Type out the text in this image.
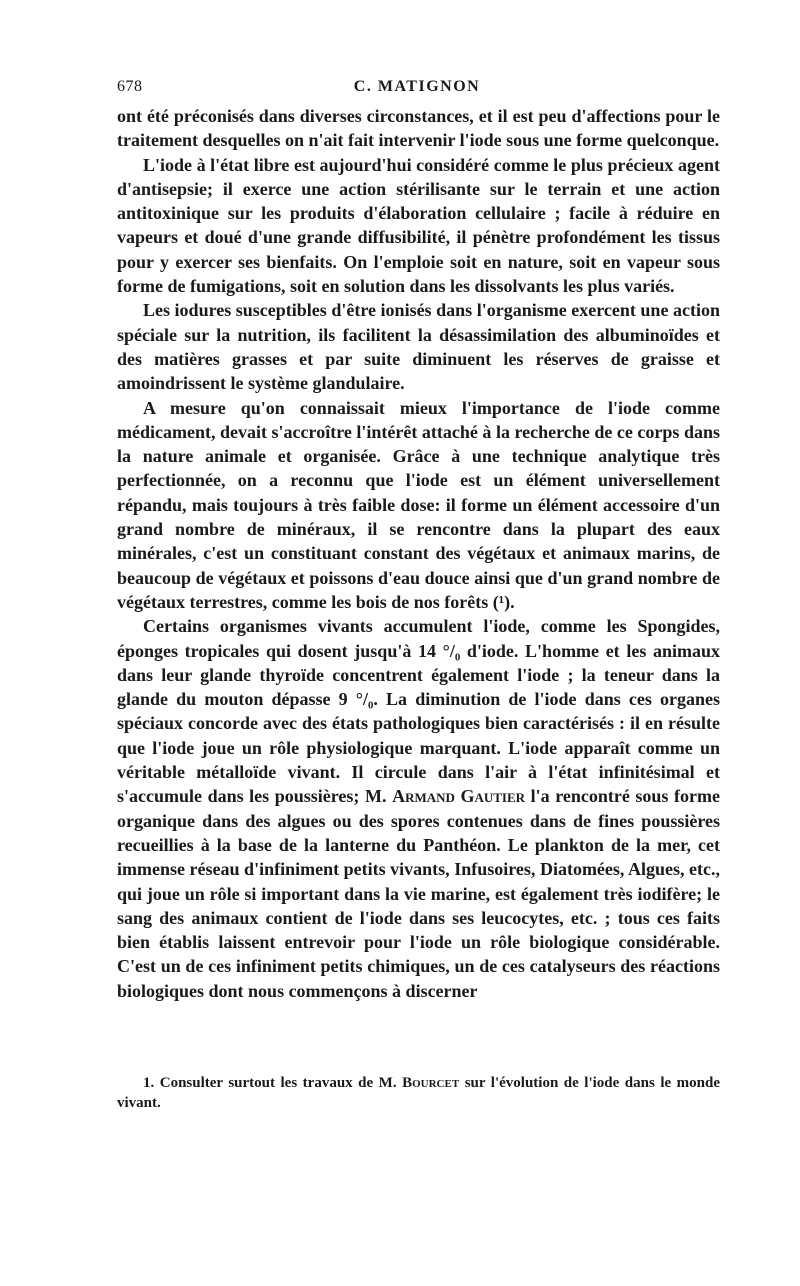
678	C. MATIGNON

ont été préconisés dans diverses circonstances, et il est peu d'affections pour le traitement desquelles on n'ait fait intervenir l'iode sous une forme quelconque.

L'iode à l'état libre est aujourd'hui considéré comme le plus précieux agent d'antisepsie; il exerce une action stérilisante sur le terrain et une action antitoxinique sur les produits d'élaboration cellulaire ; facile à réduire en vapeurs et doué d'une grande diffusibilité, il pénètre profondément les tissus pour y exercer ses bienfaits. On l'emploie soit en nature, soit en vapeur sous forme de fumigations, soit en solution dans les dissolvants les plus variés.

Les iodures susceptibles d'être ionisés dans l'organisme exercent une action spéciale sur la nutrition, ils facilitent la désassimilation des albuminoïdes et des matières grasses et par suite diminuent les réserves de graisse et amoindrissent le système glandulaire.

A mesure qu'on connaissait mieux l'importance de l'iode comme médicament, devait s'accroître l'intérêt attaché à la recherche de ce corps dans la nature animale et organisée. Grâce à une technique analytique très perfectionnée, on a reconnu que l'iode est un élément universellement répandu, mais toujours à très faible dose: il forme un élément accessoire d'un grand nombre de minéraux, il se rencontre dans la plupart des eaux minérales, c'est un constituant constant des végétaux et animaux marins, de beaucoup de végétaux et poissons d'eau douce ainsi que d'un grand nombre de végétaux terrestres, comme les bois de nos forêts (¹).

Certains organismes vivants accumulent l'iode, comme les Spongides, éponges tropicales qui dosent jusqu'à 14 °/₀ d'iode. L'homme et les animaux dans leur glande thyroïde concentrent également l'iode ; la teneur dans la glande du mouton dépasse 9 °/₀. La diminution de l'iode dans ces organes spéciaux concorde avec des états pathologiques bien caractérisés : il en résulte que l'iode joue un rôle physiologique marquant. L'iode apparaît comme un véritable métalloïde vivant. Il circule dans l'air à l'état infinitésimal et s'accumule dans les poussières; M. Armand Gautier l'a rencontré sous forme organique dans des algues ou des spores contenues dans de fines poussières recueillies à la base de la lanterne du Panthéon. Le plankton de la mer, cet immense réseau d'infiniment petits vivants, Infusoires, Diatomées, Algues, etc., qui joue un rôle si important dans la vie marine, est également très iodifère; le sang des animaux contient de l'iode dans ses leucocytes, etc. ; tous ces faits bien établis laissent entrevoir pour l'iode un rôle biologique considérable. C'est un de ces infiniment petits chimiques, un de ces catalyseurs des réactions biologiques dont nous commençons à discerner

1. Consulter surtout les travaux de M. Bourcet sur l'évolution de l'iode dans le monde vivant.
